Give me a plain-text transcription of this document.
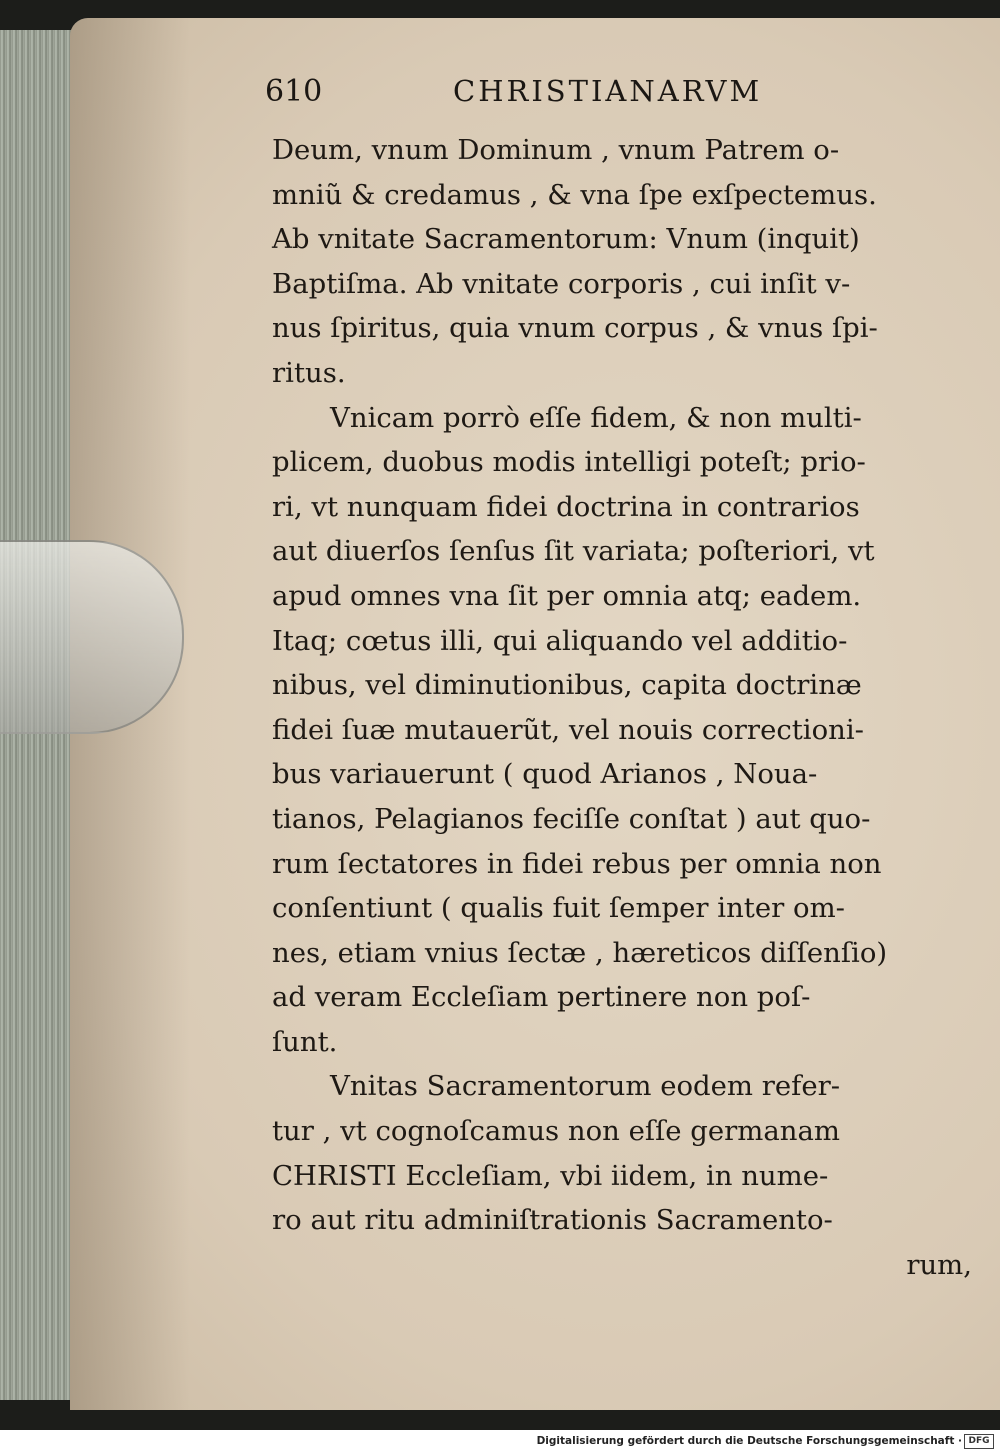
610	CHRISTIANARVM
Deum, vnum Dominum , vnum Patrem o-
mniũ & credamus , & vna ſpe exſpectemus.
Ab vnitate Sacramentorum: Vnum (inquit)
Baptiſma. Ab vnitate corporis , cui inſit v-
nus ſpiritus, quia vnum corpus , & vnus ſpi-
ritus.
Vnicam porrò eſſe fidem, & non multi-
plicem, duobus modis intelligi poteſt; prio-
ri, vt nunquam fidei doctrina in contrarios
aut diuerſos ſenſus ſit variata; poſteriori, vt
apud omnes vna ſit per omnia atq; eadem.
Itaq; cœtus illi, qui aliquando vel additio-
nibus, vel diminutionibus, capita doctrinæ
fidei ſuæ mutauerũt, vel nouis correctioni-
bus variauerunt ( quod Arianos , Noua-
tianos, Pelagianos feciſſe conſtat ) aut quo-
rum ſectatores in fidei rebus per omnia non
conſentiunt ( qualis fuit ſemper inter om-
nes, etiam vnius ſectæ , hæreticos diſſenſio)
ad veram Eccleſiam pertinere non poſ-
ſunt.
Vnitas Sacramentorum eodem refer-
tur , vt cognoſcamus non eſſe germanam
CHRISTI Eccleſiam, vbi iidem, in nume-
ro aut ritu adminiſtrationis Sacramento-
rum,
Digitalisierung gefördert durch die Deutsche Forschungsgemeinschaft · DFG
